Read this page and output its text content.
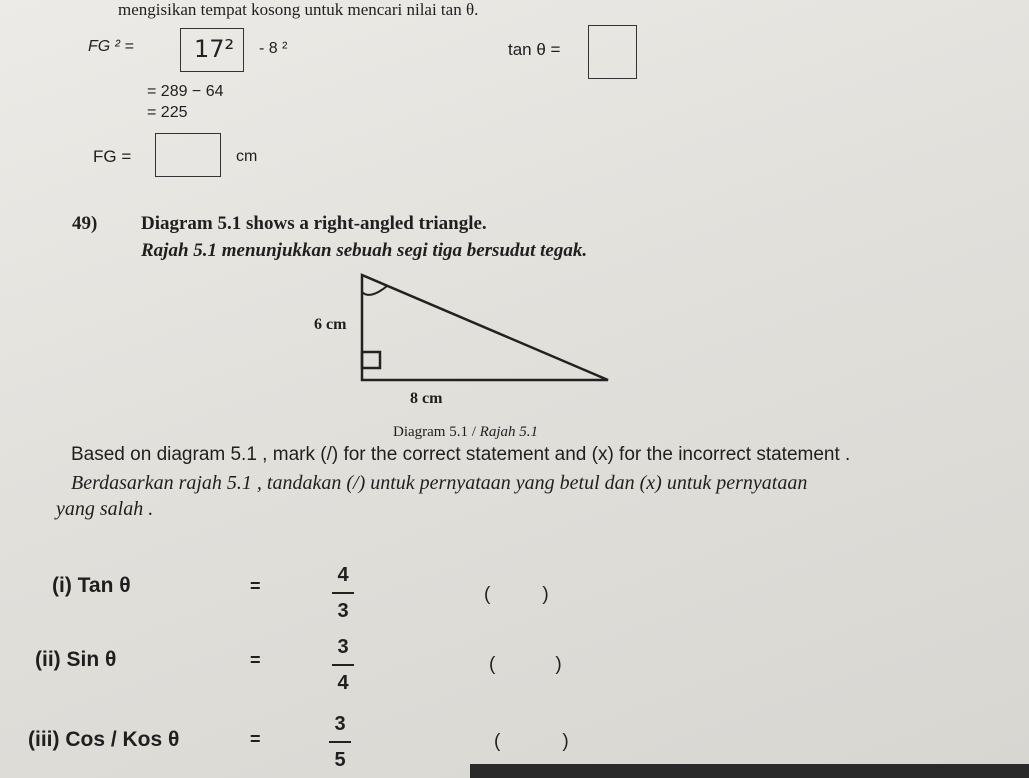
mengisikan tempat kosong untuk mencari nilai tan θ.
FG ² =	17² - 8 ²	tan θ =
= 289 − 64
= 225
FG =	cm
49) Diagram 5.1 shows a right-angled triangle.
Rajah 5.1 menunjukkan sebuah segi tiga bersudut tegak.
6 cm
8 cm
Diagram 5.1 / Rajah 5.1
Based on diagram 5.1 , mark (/) for the correct statement and (x) for the incorrect statement .
Berdasarkan rajah 5.1 , tandakan (/) untuk pernyataan yang betul dan (x) untuk pernyataan
yang salah .
(i) Tan θ	=	4
3
(	)
(ii) Sin θ	=
3
4
(	)
(iii) Cos / Kos θ	=
3
5
(	)
